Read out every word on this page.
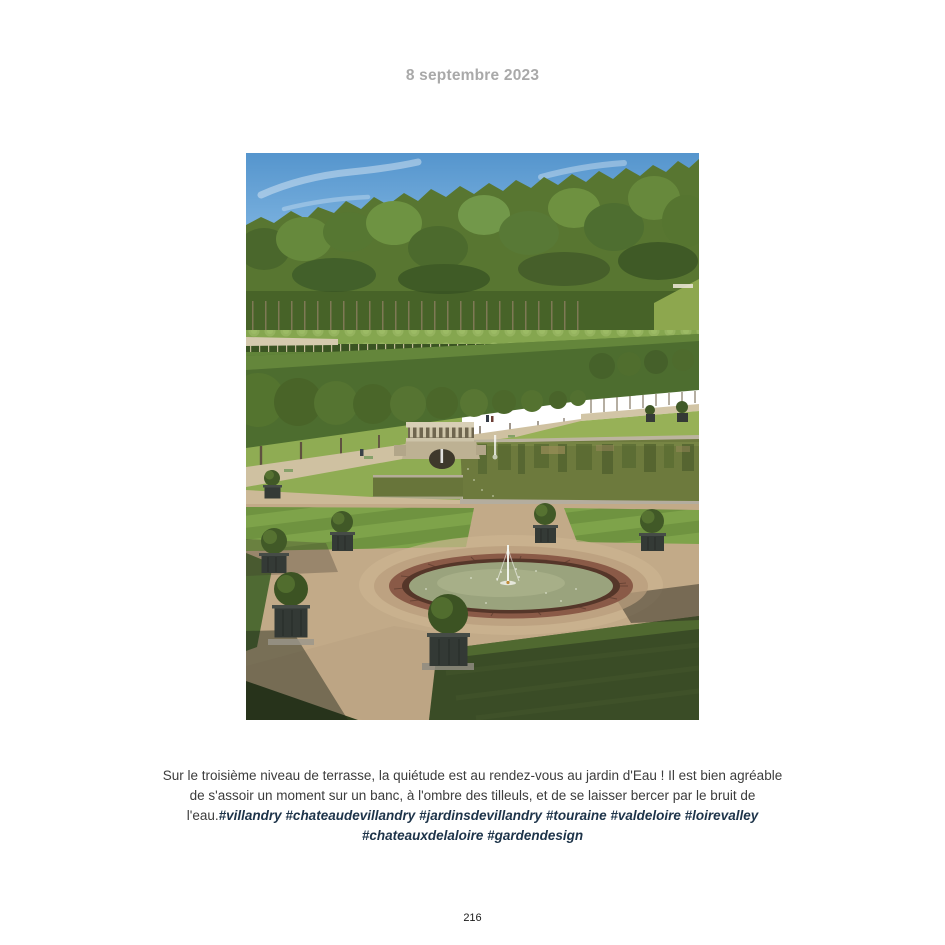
8 septembre 2023

Sur le troisième niveau de terrasse, la quiétude est au rendez-vous au jardin d'Eau ! Il est bien agréable de s'assoir un moment sur un banc, à l'ombre des tilleuls, et de se laisser bercer par le bruit de l'eau.#villandry #chateaudevillandry #jardinsdevillandry #touraine #valdeloire #loirevalley #chateauxdelaloire #gardendesign

216
